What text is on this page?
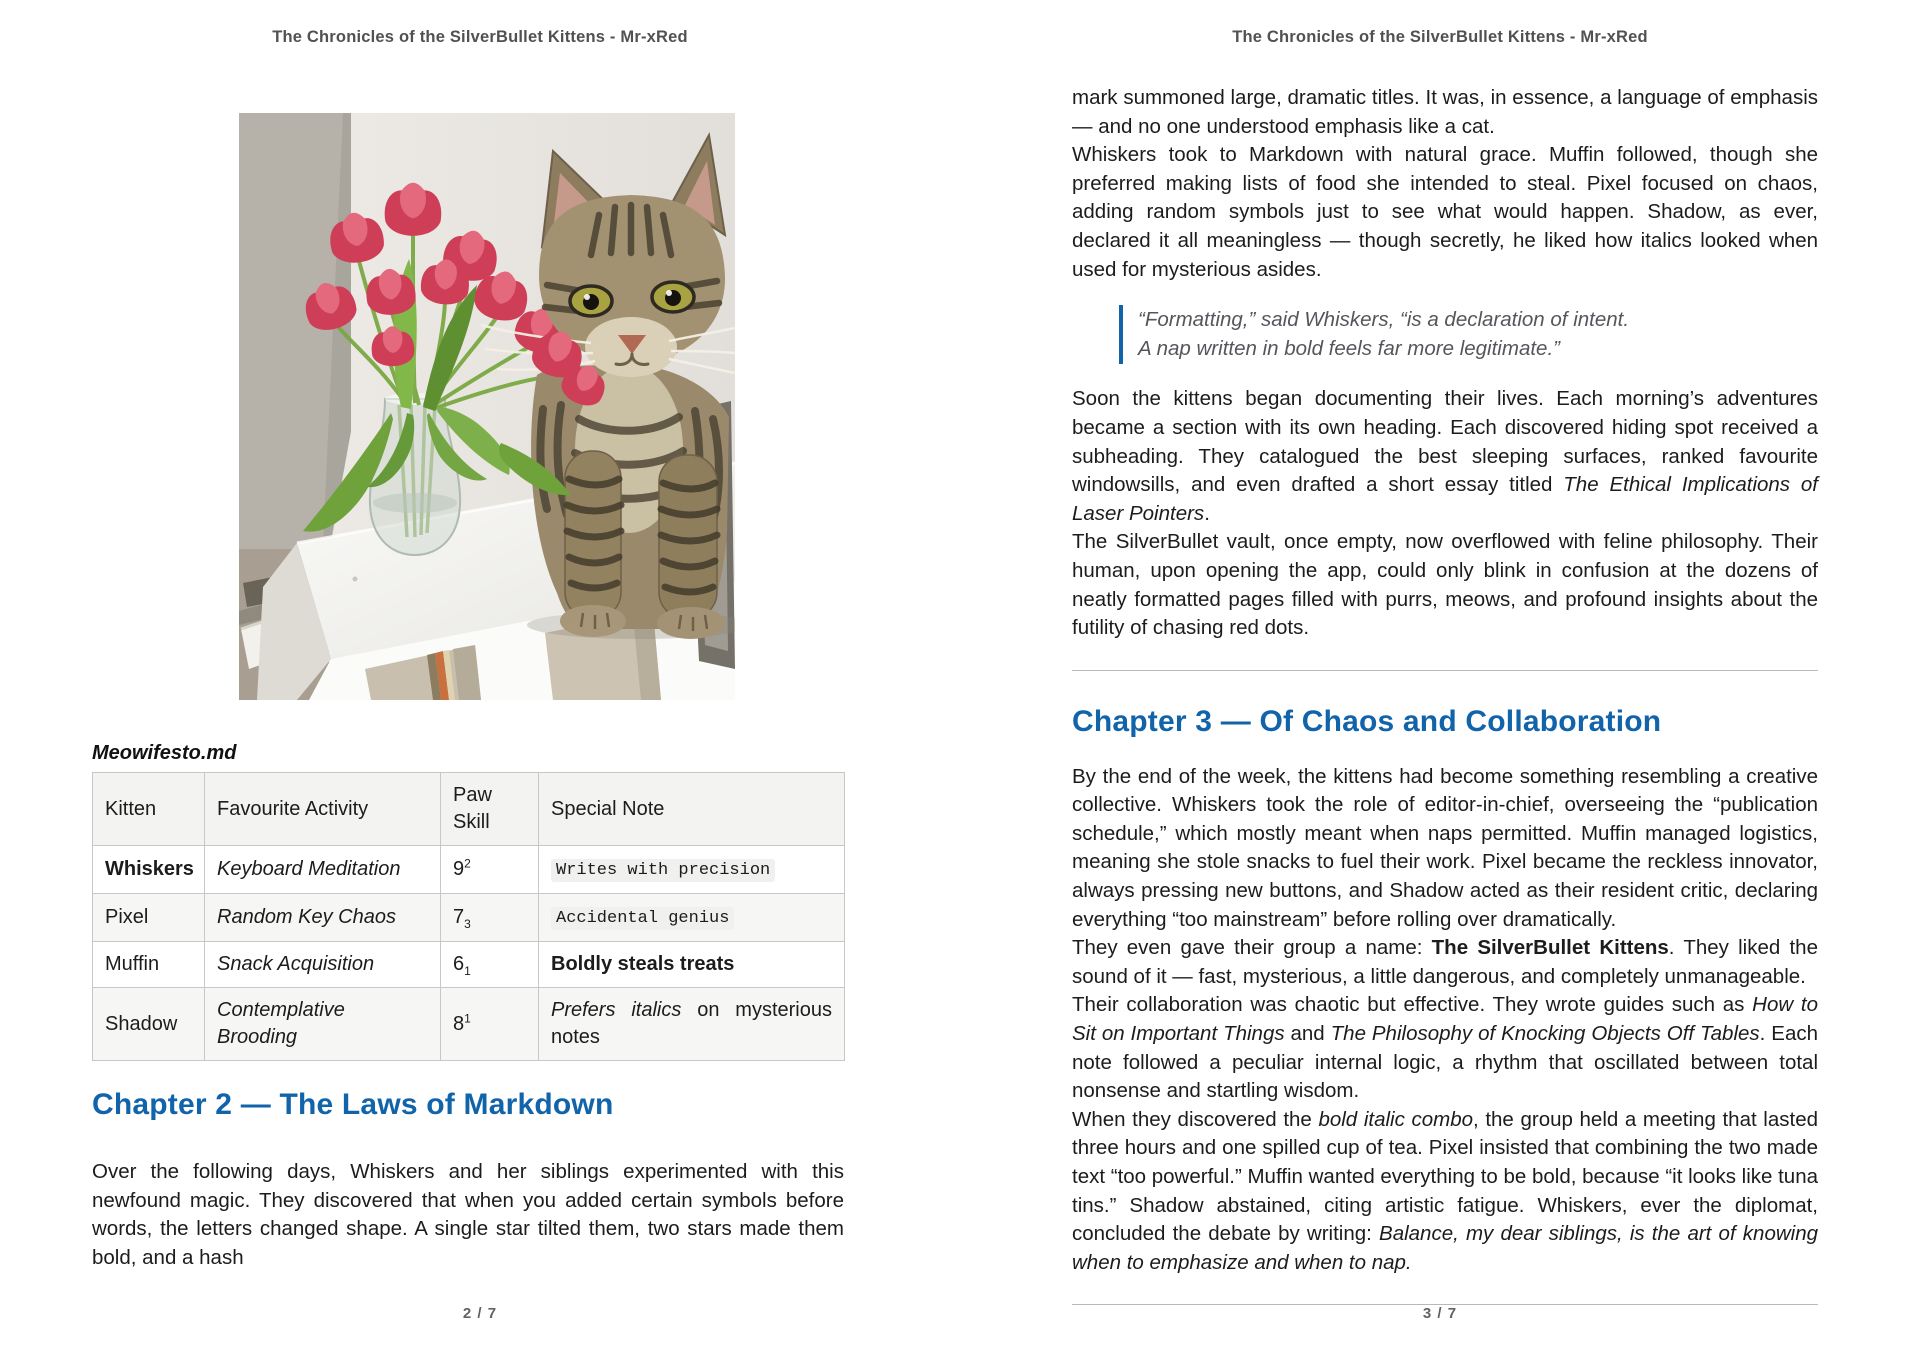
The Chronicles of the SilverBullet Kittens - Mr-xRed
Meowifesto.md
Kitten	Favourite Activity	Paw Skill	Special Note
Whiskers	Keyboard Meditation	$9^2$	Writes with precision
Pixel	Random Key Chaos	$7_3$	Accidental genius
Muffin	Snack Acquisition	$6_1$	Boldly steals treats
Shadow	Contemplative Brooding	$8^1$	Prefers italics on mysterious notes
Chapter 2 — The Laws of Markdown

Over the following days, Whiskers and her siblings experimented with this newfound magic. They discovered that when you added certain symbols before words, the letters changed shape. A single star tilted them, two stars made them bold, and a hash

2 / 7
The Chronicles of the SilverBullet Kittens - Mr-xRed

mark summoned large, dramatic titles. It was, in essence, a language of emphasis — and no one understood emphasis like a cat.

Whiskers took to Markdown with natural grace. Muffin followed, though she preferred making lists of food she intended to steal. Pixel focused on chaos, adding random symbols just to see what would happen. Shadow, as ever, declared it all meaningless — though secretly, he liked how italics looked when used for mysterious asides.

“Formatting,” said Whiskers, “is a declaration of intent.
A nap written in bold feels far more legitimate.”

Soon the kittens began documenting their lives. Each morning’s adventures became a section with its own heading. Each discovered hiding spot received a subheading. They catalogued the best sleeping surfaces, ranked favourite windowsills, and even drafted a short essay titled The Ethical Implications of Laser Pointers.

The SilverBullet vault, once empty, now overflowed with feline philosophy. Their human, upon opening the app, could only blink in confusion at the dozens of neatly formatted pages filled with purrs, meows, and profound insights about the futility of chasing red dots.

Chapter 3 — Of Chaos and Collaboration

By the end of the week, the kittens had become something resembling a creative collective. Whiskers took the role of editor-in-chief, overseeing the “publication schedule,” which mostly meant when naps permitted. Muffin managed logistics, meaning she stole snacks to fuel their work. Pixel became the reckless innovator, always pressing new buttons, and Shadow acted as their resident critic, declaring everything “too mainstream” before rolling over dramatically.

They even gave their group a name: The SilverBullet Kittens. They liked the sound of it — fast, mysterious, a little dangerous, and completely unmanageable.

Their collaboration was chaotic but effective. They wrote guides such as How to Sit on Important Things and The Philosophy of Knocking Objects Off Tables. Each note followed a peculiar internal logic, a rhythm that oscillated between total nonsense and startling wisdom.

When they discovered the bold italic combo, the group held a meeting that lasted three hours and one spilled cup of tea. Pixel insisted that combining the two made text “too powerful.” Muffin wanted everything to be bold, because “it looks like tuna tins.” Shadow abstained, citing artistic fatigue. Whiskers, ever the diplomat, concluded the debate by writing: Balance, my dear siblings, is the art of knowing when to emphasize and when to nap.

3 / 7
